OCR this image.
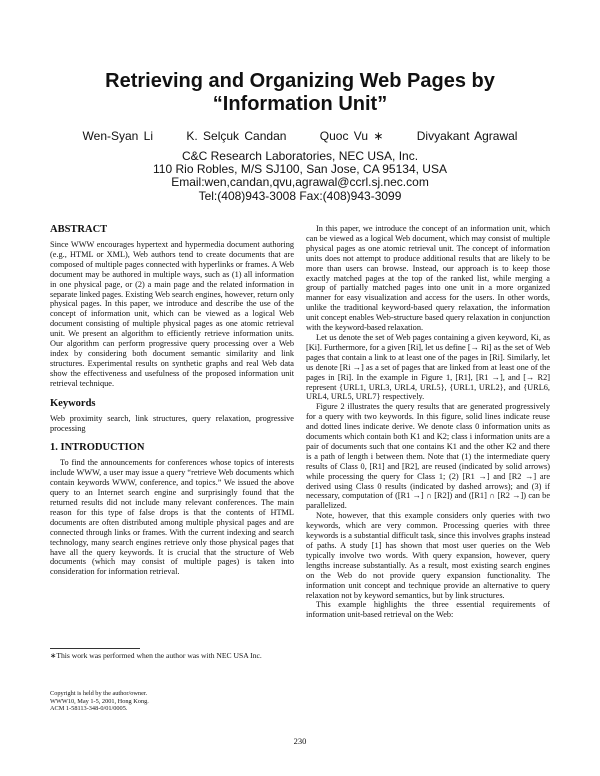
Retrieving and Organizing Web Pages by
“Information Unit”
Wen-Syan Li	K. Selçuk Candan	Quoc Vu ∗	Divyakant Agrawal
C&C Research Laboratories, NEC USA, Inc.
110 Rio Robles, M/S SJ100, San Jose, CA 95134, USA
Email:wen,candan,qvu,agrawal@ccrl.sj.nec.com
Tel:(408)943-3008 Fax:(408)943-3099
ABSTRACT

Since WWW encourages hypertext and hypermedia document authoring (e.g., HTML or XML), Web authors tend to create documents that are composed of multiple pages connected with hyperlinks or frames. A Web document may be authored in multiple ways, such as (1) all information in one physical page, or (2) a main page and the related information in separate linked pages. Existing Web search engines, however, return only physical pages. In this paper, we introduce and describe the use of the concept of information unit, which can be viewed as a logical Web document consisting of multiple physical pages as one atomic retrieval unit. We present an algorithm to efficiently retrieve information units. Our algorithm can perform progressive query processing over a Web index by considering both document semantic similarity and link structures. Experimental results on synthetic graphs and real Web data show the effectiveness and usefulness of the proposed information unit retrieval technique.

Keywords

Web proximity search, link structures, query relaxation, progressive processing

1. INTRODUCTION

To find the announcements for conferences whose topics of interests include WWW, a user may issue a query “retrieve Web documents which contain keywords WWW, conference, and topics.” We issued the above query to an Internet search engine and surprisingly found that the returned results did not include many relevant conferences. The main reason for this type of false drops is that the contents of HTML documents are often distributed among multiple physical pages and are connected through links or frames. With the current indexing and search technology, many search engines retrieve only those physical pages that have all the query keywords. It is crucial that the structure of Web documents (which may consist of multiple pages) is taken into consideration for information retrieval.

∗This work was performed when the author was with NEC USA Inc.
Copyright is held by the author/owner.
WWW10, May 1-5, 2001, Hong Kong.
ACM 1-58113-348-0/01/0005.

In this paper, we introduce the concept of an information unit, which can be viewed as a logical Web document, which may consist of multiple physical pages as one atomic retrieval unit. The concept of information units does not attempt to produce additional results that are likely to be more than users can browse. Instead, our approach is to keep those exactly matched pages at the top of the ranked list, while merging a group of partially matched pages into one unit in a more organized manner for easy visualization and access for the users. In other words, unlike the traditional keyword-based query relaxation, the information unit concept enables Web-structure based query relaxation in conjunction with the keyword-based relaxation.

Let us denote the set of Web pages containing a given keyword, Ki, as [Ki]. Furthermore, for a given [Ri], let us define [→ Ri] as the set of Web pages that contain a link to at least one of the pages in [Ri]. Similarly, let us denote [Ri →] as a set of pages that are linked from at least one of the pages in [Ri]. In the example in Figure 1, [R1], [R1 →], and [→ R2] represent {URL1, URL3, URL4, URL5}, {URL1, URL2}, and {URL6, URL4, URL5, URL7} respectively.

Figure 2 illustrates the query results that are generated progressively for a query with two keywords. In this figure, solid lines indicate reuse and dotted lines indicate derive. We denote class 0 information units as documents which contain both K1 and K2; class i information units are a pair of documents such that one contains K1 and the other K2 and there is a path of length i between them. Note that (1) the intermediate query results of Class 0, [R1] and [R2], are reused (indicated by solid arrows) while processing the query for Class 1; (2) [R1 →] and [R2 →] are derived using Class 0 results (indicated by dashed arrows); and (3) if necessary, computation of ([R1 →] ∩ [R2]) and ([R1] ∩ [R2 →]) can be parallelized.

Note, however, that this example considers only queries with two keywords, which are very common. Processing queries with three keywords is a substantial difficult task, since this involves graphs instead of paths. A study [1] has shown that most user queries on the Web typically involve two words. With query expansion, however, query lengths increase substantially. As a result, most existing search engines on the Web do not provide query expansion functionality. The information unit concept and technique provide an alternative to query relaxation not by keyword semantics, but by link structures.

This example highlights the three essential requirements of information unit-based retrieval on the Web:

230
